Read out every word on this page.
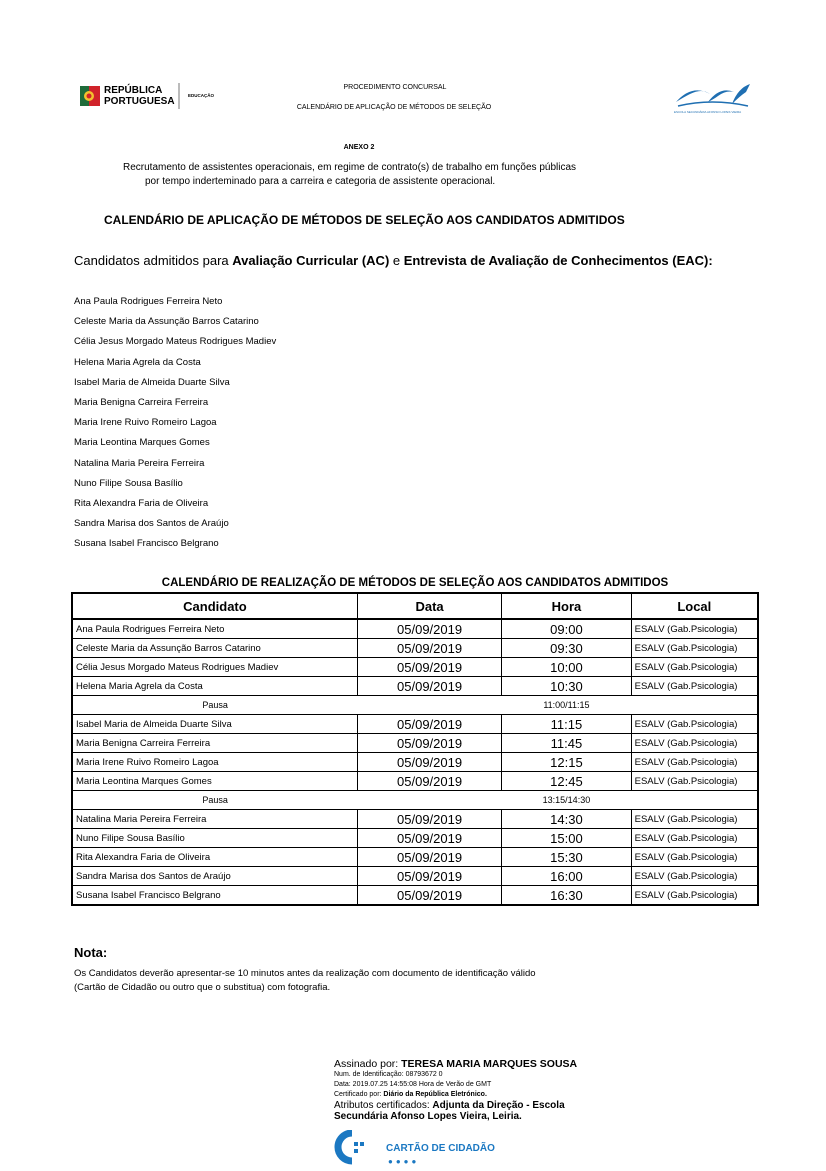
REPÚBLICA
PORTUGUESA
EDUCAÇÃO
PROCEDIMENTO CONCURSAL
CALENDÁRIO DE APLICAÇÃO DE MÉTODOS DE SELEÇÃO
ESCOLA SECUNDÁRIA AFONSO LOPES VIEIRA
ANEXO 2
Recrutamento de assistentes operacionais, em regime de contrato(s) de trabalho em funções públicas
por tempo inderteminado para a carreira e categoria de assistente operacional.
CALENDÁRIO DE APLICAÇÃO DE MÉTODOS DE SELEÇÃO AOS CANDIDATOS ADMITIDOS
Candidatos admitidos para Avaliação Curricular (AC) e Entrevista de Avaliação de Conhecimentos (EAC):
Ana Paula Rodrigues Ferreira Neto
Celeste Maria da Assunção Barros Catarino
Célia Jesus Morgado Mateus Rodrigues Madiev
Helena Maria Agrela da Costa
Isabel Maria de Almeida Duarte Silva
Maria Benigna Carreira Ferreira
Maria Irene Ruivo Romeiro Lagoa
Maria Leontina Marques Gomes
Natalina Maria Pereira Ferreira
Nuno Filipe Sousa Basílio
Rita Alexandra Faria de Oliveira
Sandra Marisa dos Santos de Araújo
Susana Isabel Francisco Belgrano
CALENDÁRIO DE REALIZAÇÃO DE MÉTODOS DE SELEÇÃO AOS CANDIDATOS ADMITIDOS
Candidato	Data	Hora	Local
Ana Paula Rodrigues Ferreira Neto	05/09/2019	09:00	ESALV (Gab.Psicologia)
Celeste Maria da Assunção Barros Catarino	05/09/2019	09:30	ESALV (Gab.Psicologia)
Célia Jesus Morgado Mateus Rodrigues Madiev	05/09/2019	10:00	ESALV (Gab.Psicologia)
Helena Maria Agrela da Costa	05/09/2019	10:30	ESALV (Gab.Psicologia)
Pausa		11:00/11:15	
Isabel Maria de Almeida Duarte Silva	05/09/2019	11:15	ESALV (Gab.Psicologia)
Maria Benigna Carreira Ferreira	05/09/2019	11:45	ESALV (Gab.Psicologia)
Maria Irene Ruivo Romeiro Lagoa	05/09/2019	12:15	ESALV (Gab.Psicologia)
Maria Leontina Marques Gomes	05/09/2019	12:45	ESALV (Gab.Psicologia)
Pausa		13:15/14:30	
Natalina Maria Pereira Ferreira	05/09/2019	14:30	ESALV (Gab.Psicologia)
Nuno Filipe Sousa Basílio	05/09/2019	15:00	ESALV (Gab.Psicologia)
Rita Alexandra Faria de Oliveira	05/09/2019	15:30	ESALV (Gab.Psicologia)
Sandra Marisa dos Santos de Araújo	05/09/2019	16:00	ESALV (Gab.Psicologia)
Susana Isabel Francisco Belgrano	05/09/2019	16:30	ESALV (Gab.Psicologia)
Nota:
Os Candidatos deverão apresentar-se 10 minutos antes da realização com documento de identificação válido
(Cartão de Cidadão ou outro que o substitua) com fotografia.
Assinado por: TERESA MARIA MARQUES SOUSA
Num. de Identificação: 08793672 0
Data: 2019.07.25 14:55:08 Hora de Verão de GMT
Certificado por: Diário da República Eletrónico.
Atributos certificados: Adjunta da Direção - Escola
Secundária Afonso Lopes Vieira, Leiria.
CARTÃO DE CIDADÃO
●●●●
